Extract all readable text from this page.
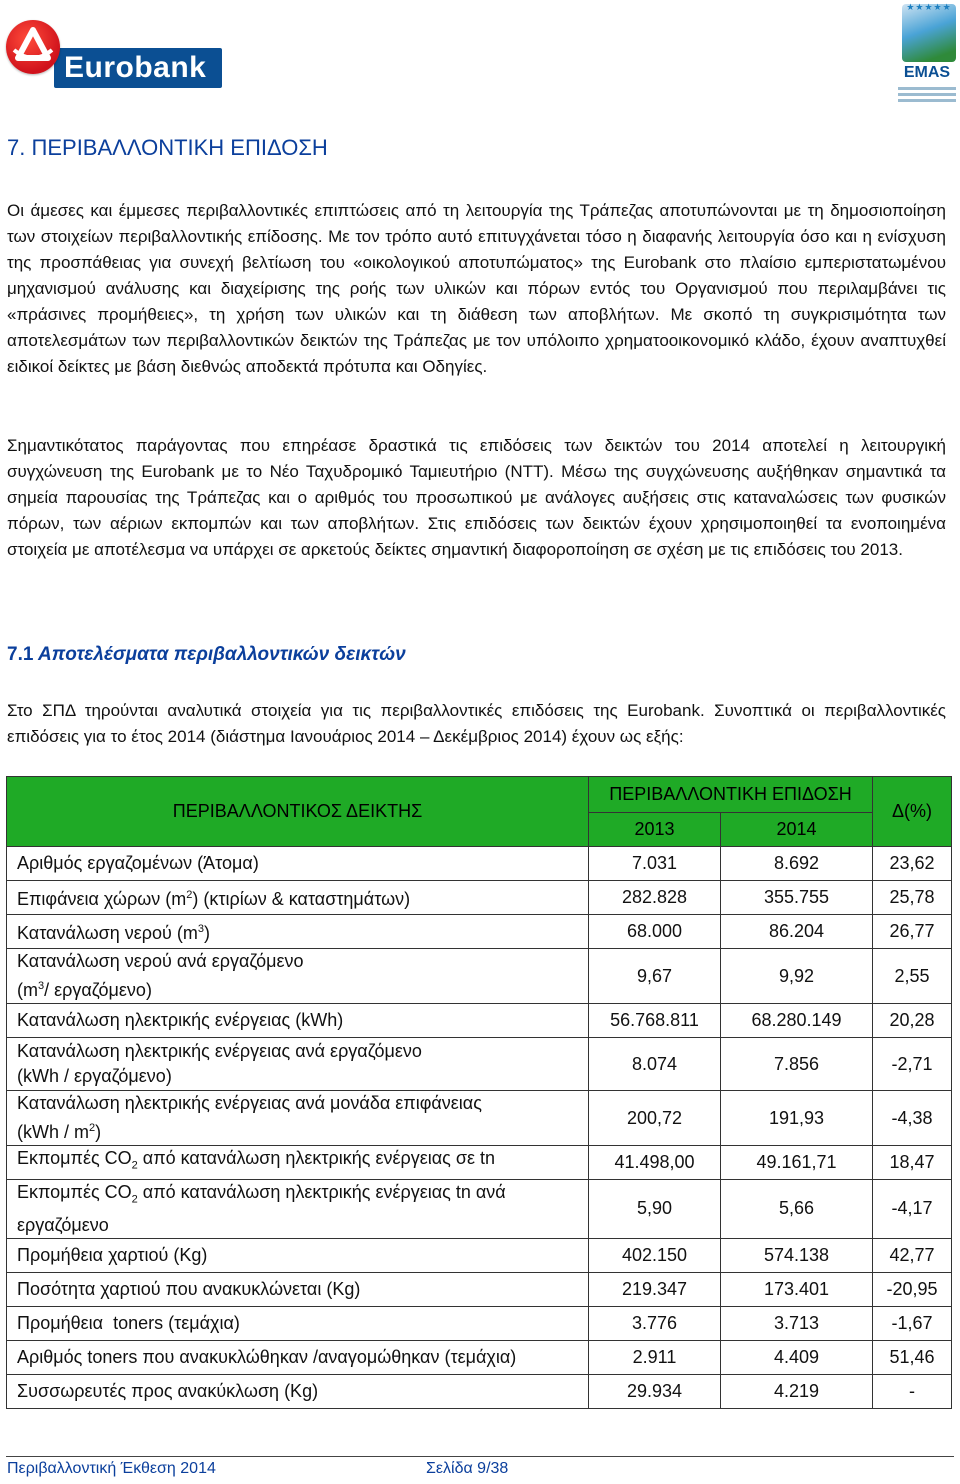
Eurobank
★★★★★
EMAS
7. ΠΕΡΙΒΑΛΛΟΝΤΙΚΗ ΕΠΙΔΟΣΗ

Οι άμεσες και έμμεσες περιβαλλοντικές επιπτώσεις από τη λειτουργία της Τράπεζας αποτυπώνονται με τη δημοσιοποίηση των στοιχείων περιβαλλοντικής επίδοσης. Με τον τρόπο αυτό επιτυγχάνεται τόσο η διαφανής λειτουργία όσο και η ενίσχυση της προσπάθειας για συνεχή βελτίωση του «οικολογικού αποτυπώματος» της Eurobank στο πλαίσιο εμπεριστατωμένου μηχανισμού ανάλυσης και διαχείρισης της ροής των υλικών και πόρων εντός του Οργανισμού που περιλαμβάνει τις «πράσινες προμήθειες», τη χρήση των υλικών και τη διάθεση των αποβλήτων. Με σκοπό τη συγκρισιμότητα των αποτελεσμάτων των περιβαλλοντικών δεικτών της Τράπεζας με τον υπόλοιπο χρηματοοικονομικό κλάδο, έχουν αναπτυχθεί ειδικοί δείκτες με βάση διεθνώς αποδεκτά πρότυπα και Οδηγίες.

Σημαντικότατος παράγοντας που επηρέασε δραστικά τις επιδόσεις των δεικτών του 2014 αποτελεί η λειτουργική συγχώνευση της Eurobank με το Νέο Ταχυδρομικό Ταμιευτήριο (ΝΤΤ). Μέσω της συγχώνευσης αυξήθηκαν σημαντικά τα σημεία παρουσίας της Τράπεζας και ο αριθμός του προσωπικού με ανάλογες αυξήσεις στις καταναλώσεις των φυσικών πόρων, των αέριων εκπομπών και των αποβλήτων. Στις επιδόσεις των δεικτών έχουν χρησιμοποιηθεί τα ενοποιημένα στοιχεία με αποτέλεσμα να υπάρχει σε αρκετούς δείκτες σημαντική διαφοροποίηση σε σχέση με τις επιδόσεις του 2013.

7.1 Αποτελέσματα περιβαλλοντικών δεικτών

Στο ΣΠΔ τηρούνται αναλυτικά στοιχεία για τις περιβαλλοντικές επιδόσεις της Eurobank. Συνοπτικά οι περιβαλλοντικές επιδόσεις για το έτος 2014 (διάστημα Ιανουάριος 2014 – Δεκέμβριος 2014) έχουν ως εξής:

ΠΕΡΙΒΑΛΛΟΝΤΙΚΟΣ ΔΕΙΚΤΗΣ	ΠΕΡΙΒΑΛΛΟΝΤΙΚΗ ΕΠΙΔΟΣΗ		Δ(%)
	2013	2014	
Αριθμός εργαζομένων (Άτομα)	7.031	8.692	23,62
Επιφάνεια χώρων $(m^2)$ (κτιρίων & καταστημάτων)	282.828	355.755	25,78
Κατανάλωση νερού $(m^3)$	68.000	86.204	26,77
Κατανάλωση νερού ανά εργαζόμενο
($m^3/$ εργαζόμενο)	9,67	9,92	2,55
Κατανάλωση ηλεκτρικής ενέργειας (kWh)	56.768.811	68.280.149	20,28
Κατανάλωση ηλεκτρικής ενέργειας ανά εργαζόμενο
(kWh / εργαζόμενο)	8.074	7.856	-2,71
Κατανάλωση ηλεκτρικής ενέργειας ανά μονάδα επιφάνειας
$(kWh / m^2)$	200,72	191,93	-4,38
Εκπομπές $CO_2$ από κατανάλωση ηλεκτρικής ενέργειας σε tn	41.498,00	49.161,71	18,47
Εκπομπές $CO_2$ από κατανάλωση ηλεκτρικής ενέργειας tn ανά
εργαζόμενο	5,90	5,66	-4,17
Προμήθεια χαρτιού (Kg)	402.150	574.138	42,77
Ποσότητα χαρτιού που ανακυκλώνεται (Kg)	219.347	173.401	-20,95
Προμήθεια  toners (τεμάχια)	3.776	3.713	-1,67
Αριθμός toners που ανακυκλώθηκαν /αναγομώθηκαν (τεμάχια)	2.911	4.409	51,46
Συσσωρευτές προς ανακύκλωση (Kg)	29.934	4.219	-
Περιβαλλοντική Έκθεση 2014	Σελίδα 9/38
